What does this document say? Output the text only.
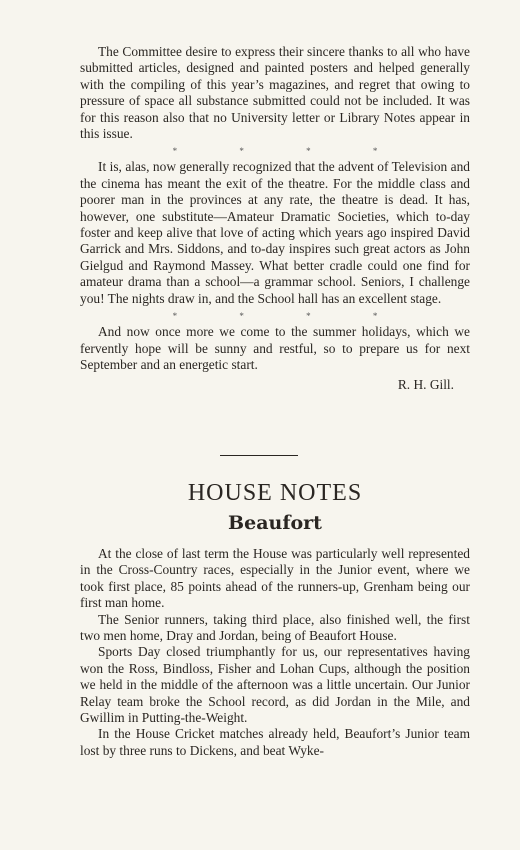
The Committee desire to express their sincere thanks to all who have submitted articles, designed and painted posters and helped generally with the compiling of this year’s magazines, and regret that owing to pressure of space all substance submitted could not be included. It was for this reason also that no University letter or Library Notes appear in this issue.

* * * *

It is, alas, now generally recognized that the advent of Television and the cinema has meant the exit of the theatre. For the middle class and poorer man in the provinces at any rate, the theatre is dead. It has, however, one substitute—Amateur Dramatic Societies, which to-day foster and keep alive that love of acting which years ago inspired David Garrick and Mrs. Siddons, and to-day inspires such great actors as John Gielgud and Raymond Massey. What better cradle could one find for amateur drama than a school—a grammar school. Seniors, I challenge you! The nights draw in, and the School hall has an excellent stage.

* * * *

And now once more we come to the summer holidays, which we fervently hope will be sunny and restful, so to prepare us for next September and an energetic start.

R. H. Gill.
HOUSE NOTES
Beaufort

At the close of last term the House was particularly well represented in the Cross-Country races, especially in the Junior event, where we took first place, 85 points ahead of the runners-up, Grenham being our first man home.

The Senior runners, taking third place, also finished well, the first two men home, Dray and Jordan, being of Beaufort House.

Sports Day closed triumphantly for us, our representatives having won the Ross, Bindloss, Fisher and Lohan Cups, although the position we held in the middle of the afternoon was a little uncertain. Our Junior Relay team broke the School record, as did Jordan in the Mile, and Gwillim in Putting-the-Weight.

In the House Cricket matches already held, Beaufort’s Junior team lost by three runs to Dickens, and beat Wyke-
